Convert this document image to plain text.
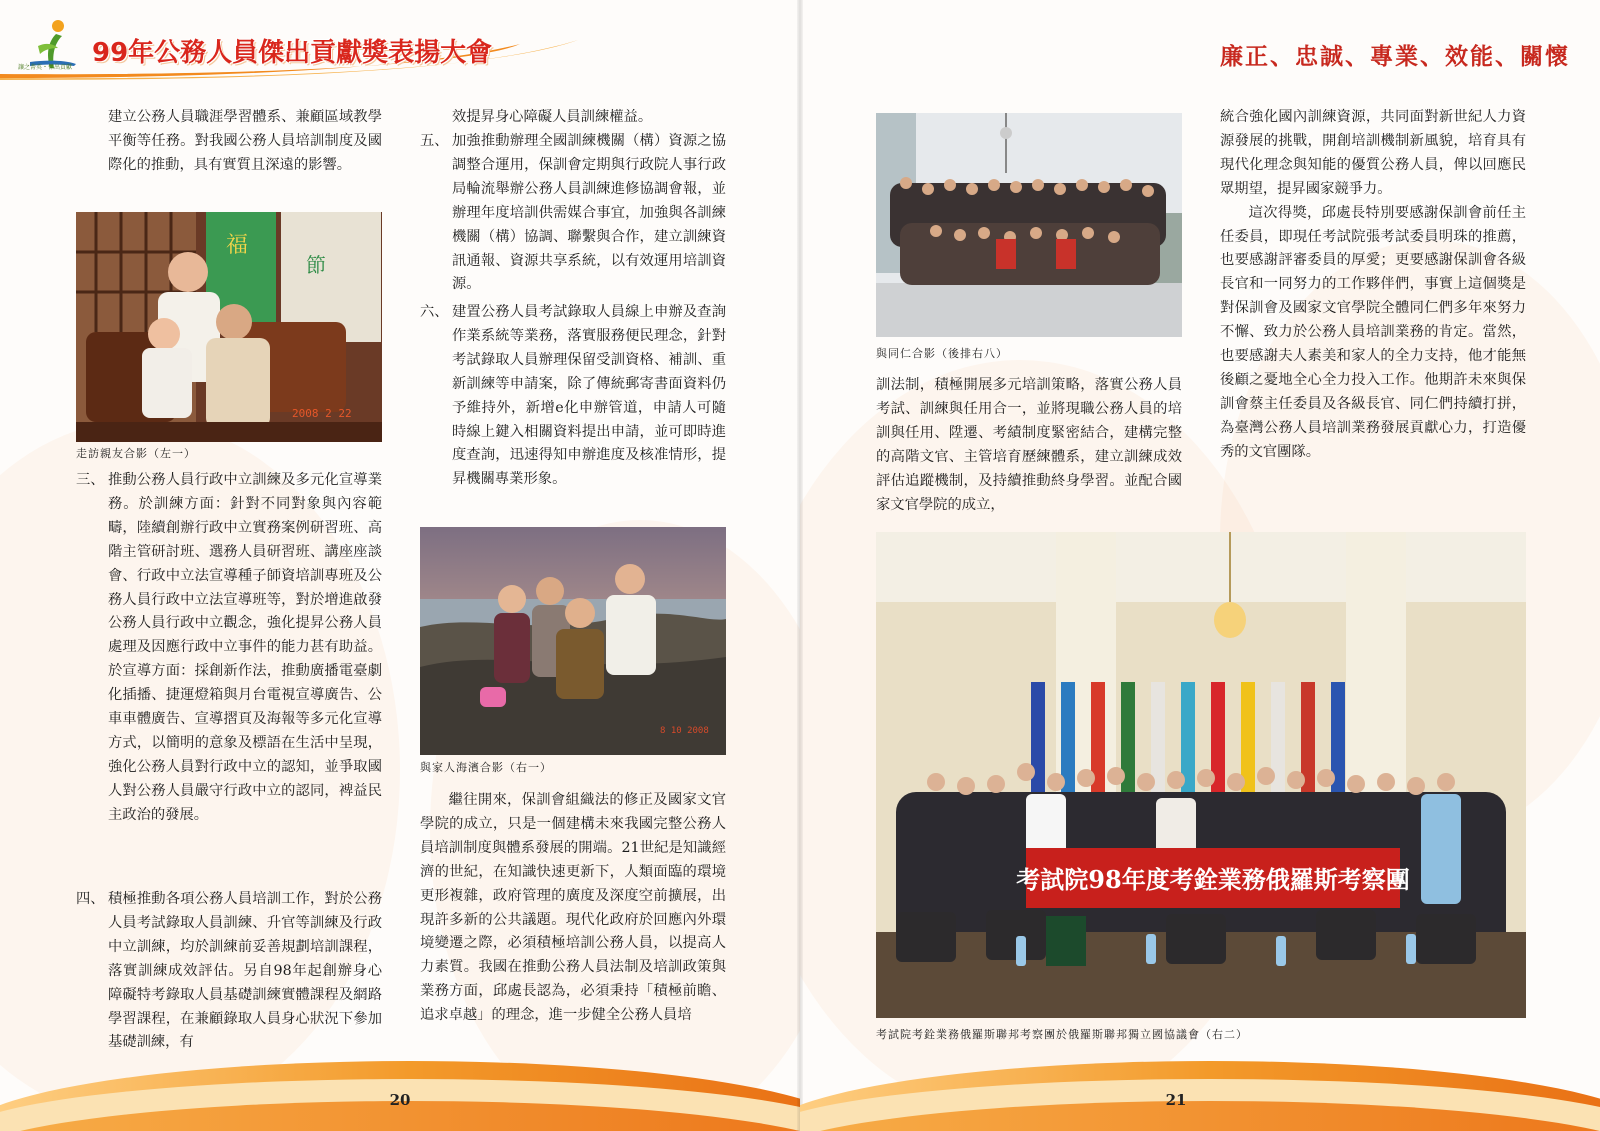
讓之菁英・傑出貢獻 99年公務人員傑出貢獻獎表揚大會

建立公務人員職涯學習體系、兼顧區域教學平衡等任務。對我國公務人員培訓制度及國際化的推動，具有實質且深遠的影響。

福
節
2008 2 22
走訪親友合影（左一）
三、 推動公務人員行政中立訓練及多元化宣導業務。於訓練方面：針對不同對象與內容範疇，陸續創辦行政中立實務案例研習班、高階主管研討班、選務人員研習班、講座座談會、行政中立法宣導種子師資培訓專班及公務人員行政中立法宣導班等，對於增進啟發公務人員行政中立觀念，強化提昇公務人員處理及因應行政中立事件的能力甚有助益。於宣導方面：採創新作法，推動廣播電臺劇化插播、捷運燈箱與月台電視宣導廣告、公車車體廣告、宣導摺頁及海報等多元化宣導方式，以簡明的意象及標語在生活中呈現，強化公務人員對行政中立的認知，並爭取國人對公務人員嚴守行政中立的認同，裨益民主政治的發展。
四、 積極推動各項公務人員培訓工作，對於公務人員考試錄取人員訓練、升官等訓練及行政中立訓練，均於訓練前妥善規劃培訓課程，落實訓練成效評估。另自98年起創辦身心障礙特考錄取人員基礎訓練實體課程及網路學習課程，在兼顧錄取人員身心狀況下參加基礎訓練，有

效提昇身心障礙人員訓練權益。

五、 加強推動辦理全國訓練機關（構）資源之協調整合運用，保訓會定期與行政院人事行政局輪流舉辦公務人員訓練進修協調會報，並辦理年度培訓供需媒合事宜，加強與各訓練機關（構）協調、聯繫與合作，建立訓練資訊通報、資源共享系統，以有效運用培訓資源。
六、 建置公務人員考試錄取人員線上申辦及查詢作業系統等業務，落實服務便民理念，針對考試錄取人員辦理保留受訓資格、補訓、重新訓練等申請案，除了傳統郵寄書面資料仍予維持外，新增e化申辦管道，申請人可隨時線上鍵入相關資料提出申請，並可即時進度查詢，迅速得知申辦進度及核准情形，提昇機關專業形象。
8 10 2008
與家人海濱合影（右一）

繼往開來，保訓會組織法的修正及國家文官學院的成立，只是一個建構未來我國完整公務人員培訓制度與體系發展的開端。21世紀是知識經濟的世紀，在知識快速更新下，人類面臨的環境更形複雜，政府管理的廣度及深度空前擴展，出現許多新的公共議題。現代化政府於回應內外環境變遷之際，必須積極培訓公務人員，以提高人力素質。我國在推動公務人員法制及培訓政策與業務方面，邱處長認為，必須秉持「積極前瞻、追求卓越」的理念，進一步健全公務人員培

20
廉正、忠誠、專業、效能、關懷
與同仁合影（後排右八）

訓法制，積極開展多元培訓策略，落實公務人員考試、訓練與任用合一，並將現職公務人員的培訓與任用、陞遷、考績制度緊密結合，建構完整的高階文官、主管培育歷練體系，建立訓練成效評估追蹤機制，及持續推動終身學習。並配合國家文官學院的成立，

統合強化國內訓練資源，共同面對新世紀人力資源發展的挑戰，開創培訓機制新風貌，培育具有現代化理念與知能的優質公務人員，俾以回應民眾期望，提昇國家競爭力。

這次得獎，邱處長特別要感謝保訓會前任主任委員，即現任考試院張考試委員明珠的推薦，也要感謝評審委員的厚愛；更要感謝保訓會各級長官和一同努力的工作夥伴們，事實上這個獎是對保訓會及國家文官學院全體同仁們多年來努力不懈、致力於公務人員培訓業務的肯定。當然，也要感謝夫人素美和家人的全力支持，他才能無後顧之憂地全心全力投入工作。他期許未來與保訓會蔡主任委員及各級長官、同仁們持續打拼，為臺灣公務人員培訓業務發展貢獻心力，打造優秀的文官團隊。

考試院98年度考銓業務俄羅斯考察團
考試院考銓業務俄羅斯聯邦考察團於俄羅斯聯邦獨立國協議會（右二）
21
